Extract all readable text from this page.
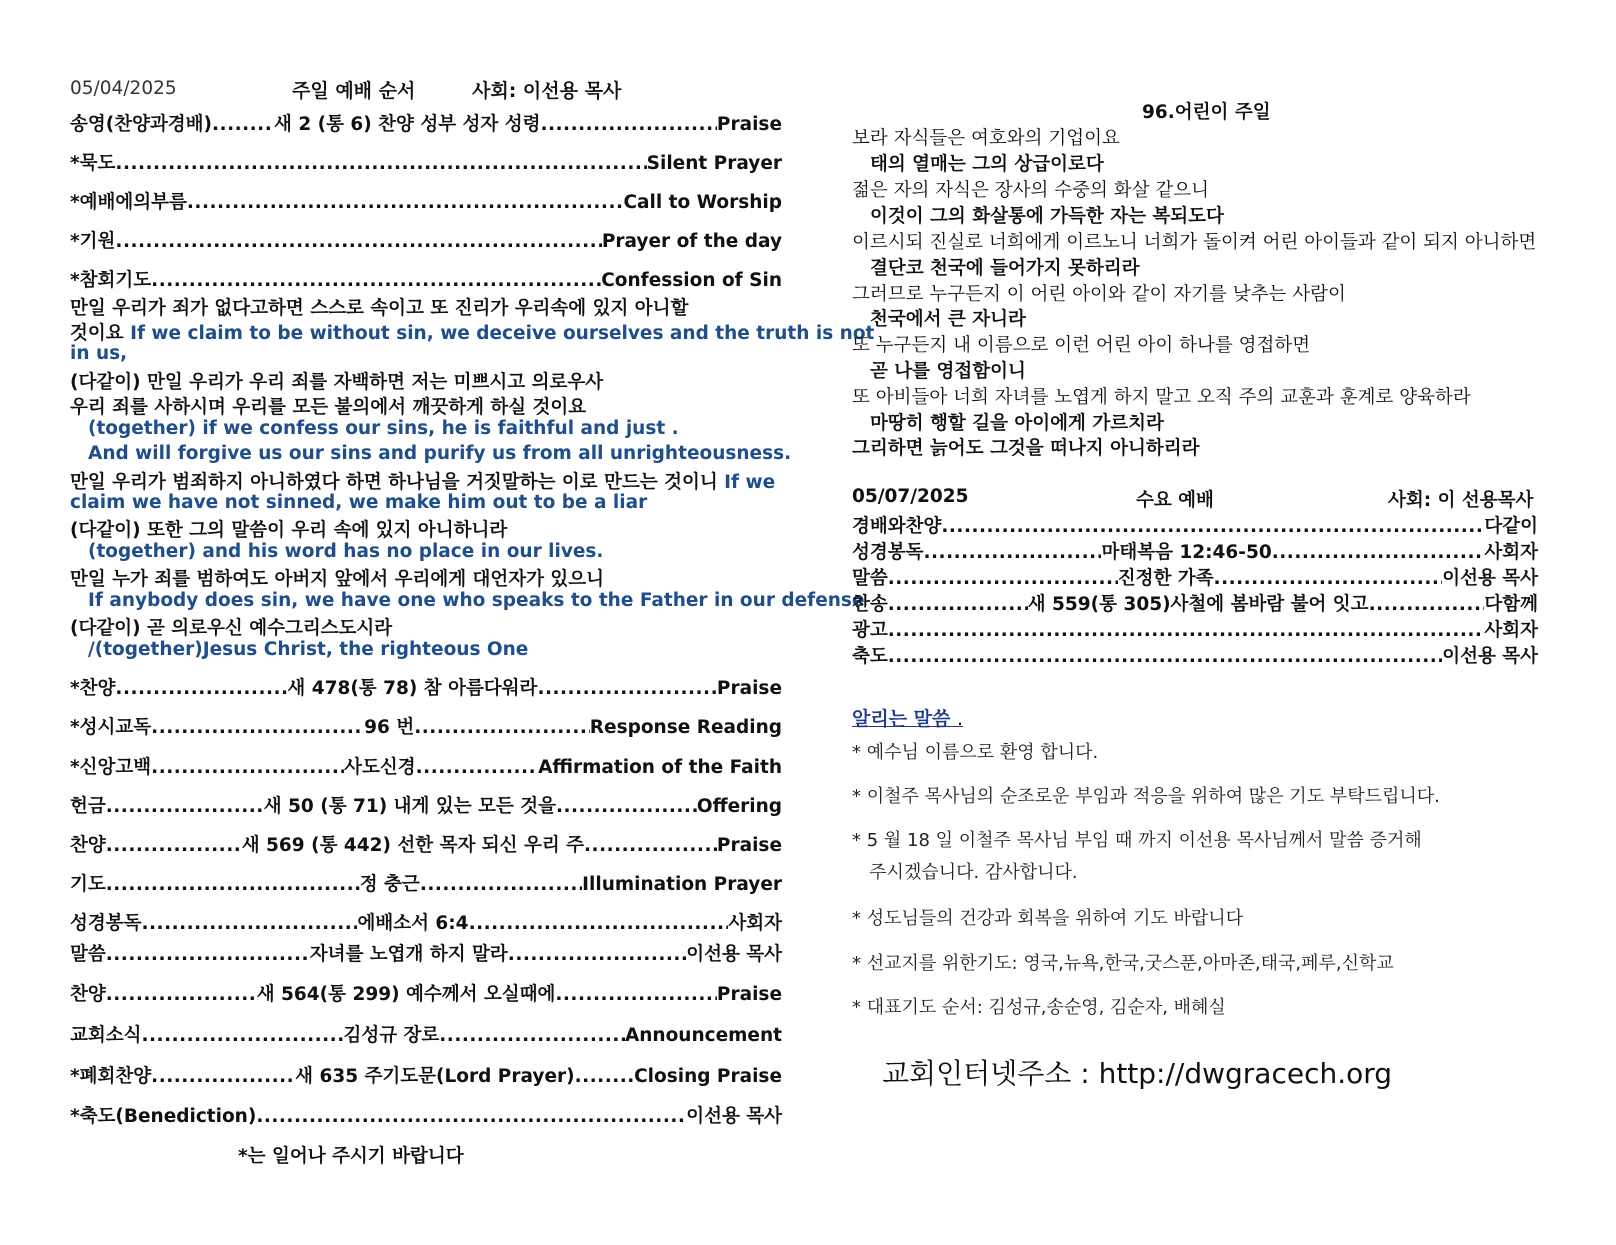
05/04/2025	주일 예배 순서	사회: 이선용 목사
송영(찬양과경배) .....	새 2 (통 6) 찬양 성부 성자 성령 .....	Praise
*묵도 .....	Silent Prayer
*예배에의부름 .....	Call to Worship
*기원 .....	Prayer of the day
*참회기도 .....	Confession of Sin
만일 우리가 죄가 없다고하면 스스로 속이고 또 진리가 우리속에 있지 아니할
것이요 If we claim to be without sin, we deceive ourselves and the truth is not
in us,
(다같이) 만일 우리가 우리 죄를 자백하면 저는 미쁘시고 의로우사
우리 죄를 사하시며 우리를 모든 불의에서 깨끗하게 하실 것이요
(together) if we confess our sins, he is faithful and just .
And will forgive us our sins and purify us from all unrighteousness.
만일 우리가 범죄하지 아니하였다 하면 하나님을 거짓말하는 이로 만드는 것이니 If we
claim we have not sinned, we make him out to be a liar
(다같이) 또한 그의 말씀이 우리 속에 있지 아니하니라
(together) and his word has no place in our lives.
만일 누가 죄를 범하여도 아버지 앞에서 우리에게 대언자가 있으니
If anybody does sin, we have one who speaks to the Father in our defense
(다같이) 곧 의로우신 예수그리스도시라
/(together)Jesus Christ, the righteous One
*찬양 .....	새 478(통 78) 참 아름다워라 .....	Praise
*성시교독 .....	96 번 .....	Response Reading
*신앙고백 .....	사도신경 .....	Affirmation of the Faith
헌금 .....	새 50 (통 71) 내게 있는 모든 것을 .....	Offering
찬양 .....	새 569 (통 442) 선한 목자 되신 우리 주 .....	Praise
기도 .....	정 충근 .....	Illumination Prayer
성경봉독 .....	에배소서 6:4 .....	사회자
말씀 .....	자녀를 노엽개 하지 말라 .....	이선용 목사
찬양 .....	새 564(통 299) 예수께서 오실때에 .....	Praise
교회소식 .....	김성규 장로 .....	Announcement
*폐회찬양 .....	새 635 주기도문(Lord Prayer) .....	Closing Praise
*축도(Benediction) .....	이선용 목사
*는 일어나 주시기 바랍니다
96.어린이 주일
보라 자식들은 여호와의 기업이요
태의 열매는 그의 상급이로다
젊은 자의 자식은 장사의 수중의 화살 같으니
이것이 그의 화살통에 가득한 자는 복되도다
이르시되 진실로 너희에게 이르노니 너희가 돌이켜 어린 아이들과 같이 되지 아니하면
결단코 천국에 들어가지 못하리라
그러므로 누구든지 이 어린 아이와 같이 자기를 낮추는 사람이
천국에서 큰 자니라
또 누구든지 내 이름으로 이런 어린 아이 하나를 영접하면
곧 나를 영접함이니
또 아비들아 너희 자녀를 노엽게 하지 말고 오직 주의 교훈과 훈계로 양육하라
마땅히 행할 길을 아이에게 가르치라
그리하면 늙어도 그것을 떠나지 아니하리라
05/07/2025	수요 예배	사회: 이 선용목사
경배와찬양 .....	다같이
성경봉독 .....	마태복음 12:46-50 .....	사회자
말씀 .....	진정한 가족 .....	이선용 목사
찬송 .....	새 559(통 305)사철에 봄바람 불어 잇고 .....	다함께
광고 .....	사회자
축도 .....	이선용 목사
알리는 말씀 .
* 예수님 이름으로 환영 합니다.
* 이철주 목사님의 순조로운 부임과 적응을 위하여 많은 기도 부탁드립니다.
* 5 월 18 일 이철주 목사님 부임 때 까지 이선용 목사님께서 말씀 증거해
주시겠습니다. 감사합니다.
* 성도님들의 건강과 회복을 위하여 기도 바랍니다
* 선교지를 위한기도: 영국,뉴욕,한국,굿스푼,아마존,태국,페루,신학교
* 대표기도 순서: 김성규,송순영, 김순자, 배혜실
교회인터넷주소 : http://dwgracech.org
